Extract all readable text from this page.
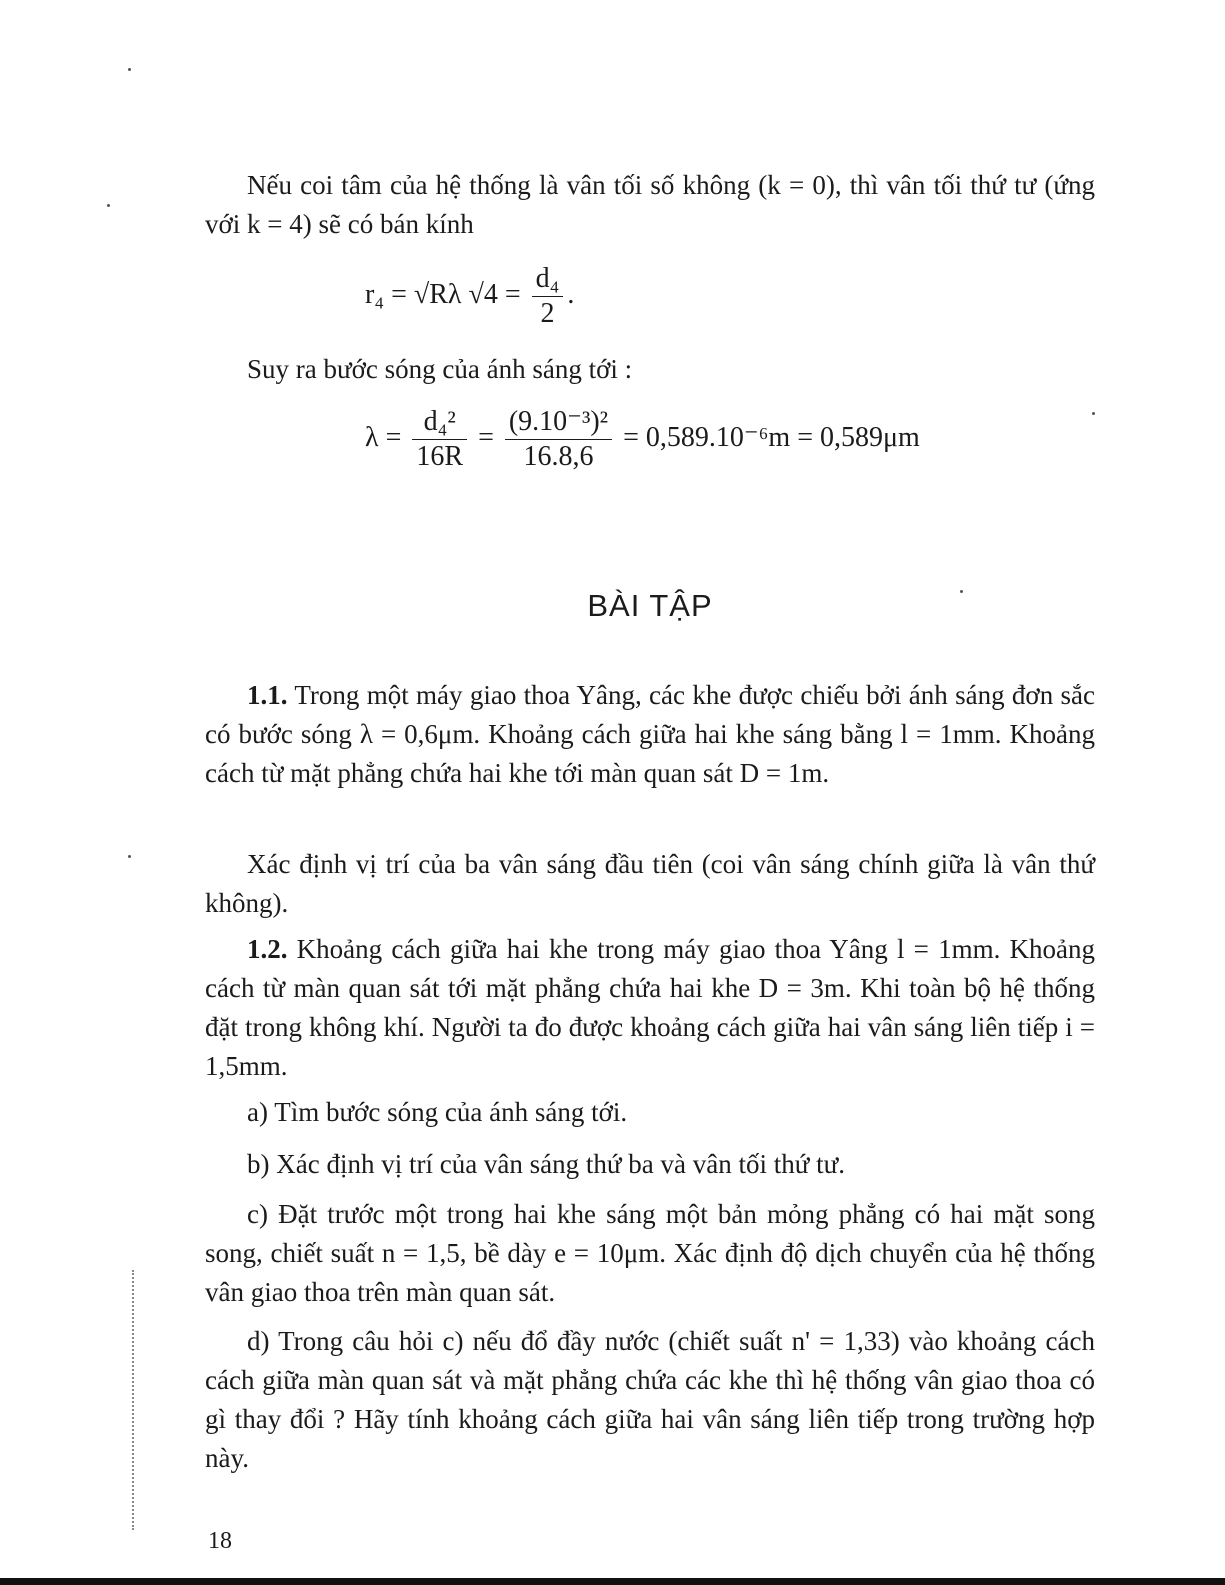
Nếu coi tâm của hệ thống là vân tối số không (k = 0), thì vân tối thứ tư (ứng với k = 4) sẽ có bán kính

r₄ = √Rλ $√4 = \frac{\text{d₄}}{2}$ .

Suy ra bước sóng của ánh sáng tới :

$\lambda = \frac{\text{d₄²}}{16R} = \frac{\text{(9.10⁻³)²}}{16.8,6} = 0,589.10^{-6}m = 0,589\mu m$
BÀI TẬP

1.1. Trong một máy giao thoa Yâng, các khe được chiếu bởi ánh sáng đơn sắc có bước sóng λ = 0,6μm. Khoảng cách giữa hai khe sáng bằng l = 1mm. Khoảng cách từ mặt phẳng chứa hai khe tới màn quan sát D = 1m.

Xác định vị trí của ba vân sáng đầu tiên (coi vân sáng chính giữa là vân thứ không).

1.2. Khoảng cách giữa hai khe trong máy giao thoa Yâng l = 1mm. Khoảng cách từ màn quan sát tới mặt phẳng chứa hai khe D = 3m. Khi toàn bộ hệ thống đặt trong không khí. Người ta đo được khoảng cách giữa hai vân sáng liên tiếp i = 1,5mm.

a) Tìm bước sóng của ánh sáng tới.

b) Xác định vị trí của vân sáng thứ ba và vân tối thứ tư.

c) Đặt trước một trong hai khe sáng một bản mỏng phẳng có hai mặt song song, chiết suất n = 1,5, bề dày e = 10μm. Xác định độ dịch chuyển của hệ thống vân giao thoa trên màn quan sát.

d) Trong câu hỏi c) nếu đổ đầy nước (chiết suất n' = 1,33) vào khoảng cách cách giữa màn quan sát và mặt phẳng chứa các khe thì hệ thống vân giao thoa có gì thay đổi ? Hãy tính khoảng cách giữa hai vân sáng liên tiếp trong trường hợp này.

18
